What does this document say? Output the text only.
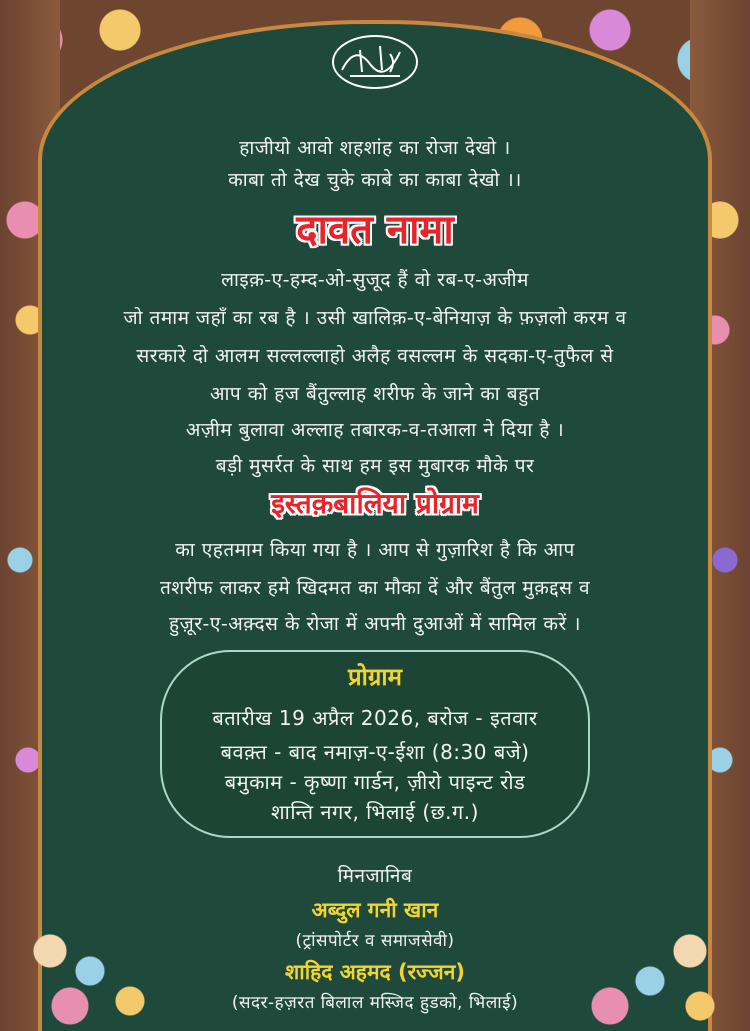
हाजीयो आवो शहशांह का रोजा देखो ।
काबा तो देख चुके काबे का काबा देखो ।।
दावत नामा
लाइक़-ए-हम्द-ओ-सुजूद हैं वो रब-ए-अजीम
जो तमाम जहाँ का रब है । उसी खालिक़-ए-बेनियाज़ के फ़ज़लो करम व
सरकारे दो आलम सल्लल्लाहो अलैह वसल्लम के सदका-ए-तुफैल से
आप को हज बैंतुल्लाह शरीफ के जाने का बहुत
अज़ीम बुलावा अल्लाह तबारक-व-तआला ने दिया है ।
बड़ी मुसर्रत के साथ हम इस मुबारक मौके पर
इस्तक़बालिया प्रोग्राम
का एहतमाम किया गया है । आप से गुज़ारिश है कि आप
तशरीफ लाकर हमे खिदमत का मौका दें और बैंतुल मुक़द्दस व
हुज़ूर-ए-अक़्दस के रोजा में अपनी दुआओं में सामिल करें ।
प्रोग्राम
बतारीख 19 अप्रैल 2026, बरोज - इतवार
बवक़्त - बाद नमाज़-ए-ईशा (8:30 बजे)
बमुकाम - कृष्णा गार्डन, ज़ीरो पाइन्ट रोड
शान्ति नगर, भिलाई (छ.ग.)
मिनजानिब
अब्दुल गनी खान
(ट्रांसपोर्टर व समाजसेवी)
शाहिद अहमद (रज्जन)
(सदर-हज़रत बिलाल मस्जिद हुडको, भिलाई)
